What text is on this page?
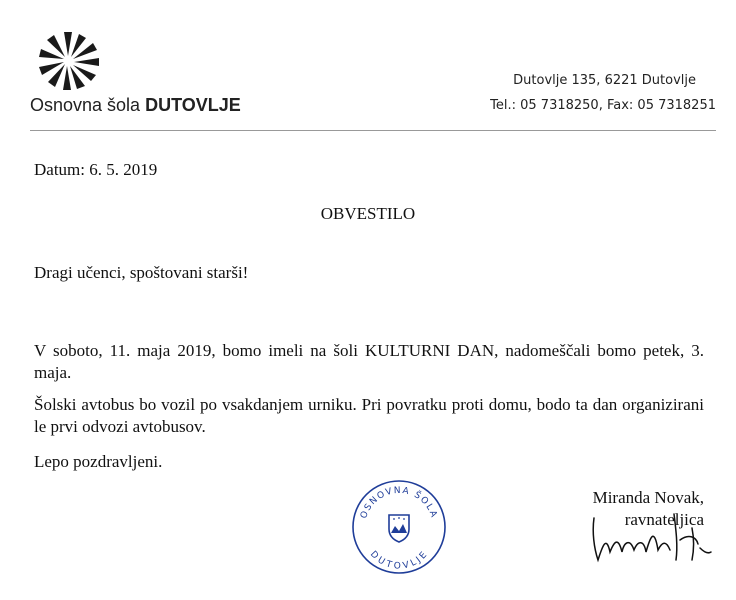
Osnovna šola DUTOVLJE
Dutovlje 135, 6221 Dutovlje
Tel.: 05 7318250, Fax: 05 7318251
Datum: 6. 5. 2019
OBVESTILO
Dragi učenci, spoštovani starši!
V soboto, 11. maja 2019, bomo imeli na šoli KULTURNI DAN, nadomeščali bomo petek, 3. maja.
Šolski avtobus bo vozil po vsakdanjem urniku. Pri povratku proti domu, bodo ta dan organizirani le prvi odvozi avtobusov.
Lepo pozdravljeni.
OSNOVNA ŠOLA
DUTOVLJE
Miranda Novak,
ravnateljica
